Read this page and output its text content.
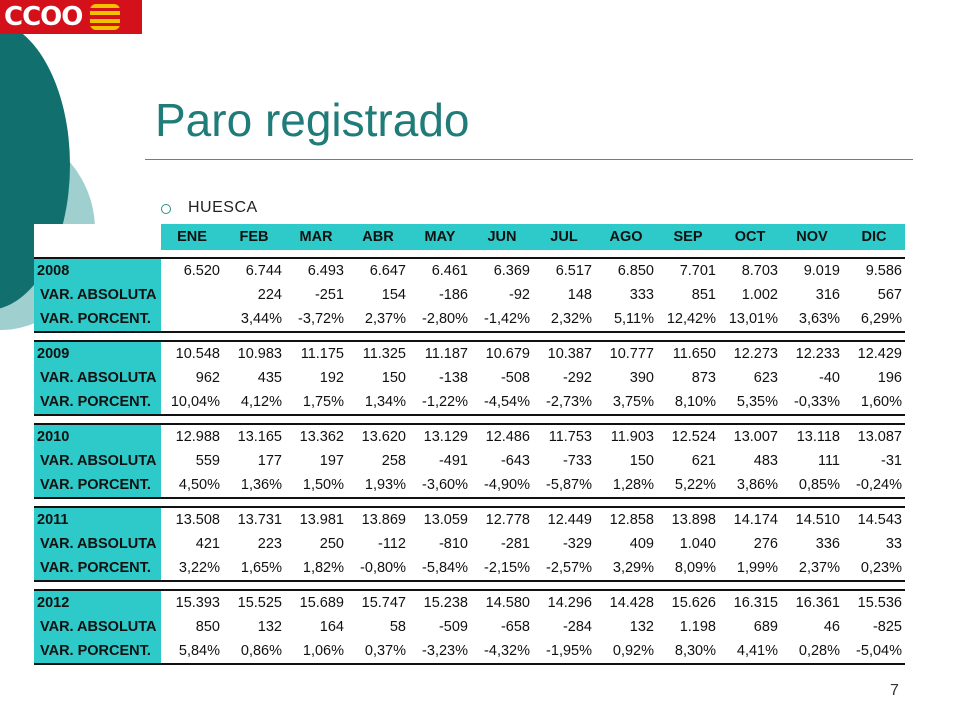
CCOO
Paro registrado
HUESCA
	ENE	FEB	MAR	ABR	MAY	JUN	JUL	AGO	SEP	OCT	NOV	DIC

2008	6.520	6.744	6.493	6.647	6.461	6.369	6.517	6.850	7.701	8.703	9.019	9.586
VAR. ABSOLUTA		224	-251	154	-186	-92	148	333	851	1.002	316	567
VAR. PORCENT.		3,44%	-3,72%	2,37%	-2,80%	-1,42%	2,32%	5,11%	12,42%	13,01%	3,63%	6,29%

2009	10.548	10.983	11.175	11.325	11.187	10.679	10.387	10.777	11.650	12.273	12.233	12.429
VAR. ABSOLUTA	962	435	192	150	-138	-508	-292	390	873	623	-40	196
VAR. PORCENT.	10,04%	4,12%	1,75%	1,34%	-1,22%	-4,54%	-2,73%	3,75%	8,10%	5,35%	-0,33%	1,60%

2010	12.988	13.165	13.362	13.620	13.129	12.486	11.753	11.903	12.524	13.007	13.118	13.087
VAR. ABSOLUTA	559	177	197	258	-491	-643	-733	150	621	483	111	-31
VAR. PORCENT.	4,50%	1,36%	1,50%	1,93%	-3,60%	-4,90%	-5,87%	1,28%	5,22%	3,86%	0,85%	-0,24%

2011	13.508	13.731	13.981	13.869	13.059	12.778	12.449	12.858	13.898	14.174	14.510	14.543
VAR. ABSOLUTA	421	223	250	-112	-810	-281	-329	409	1.040	276	336	33
VAR. PORCENT.	3,22%	1,65%	1,82%	-0,80%	-5,84%	-2,15%	-2,57%	3,29%	8,09%	1,99%	2,37%	0,23%

2012	15.393	15.525	15.689	15.747	15.238	14.580	14.296	14.428	15.626	16.315	16.361	15.536
VAR. ABSOLUTA	850	132	164	58	-509	-658	-284	132	1.198	689	46	-825
VAR. PORCENT.	5,84%	0,86%	1,06%	0,37%	-3,23%	-4,32%	-1,95%	0,92%	8,30%	4,41%	0,28%	-5,04%
7
